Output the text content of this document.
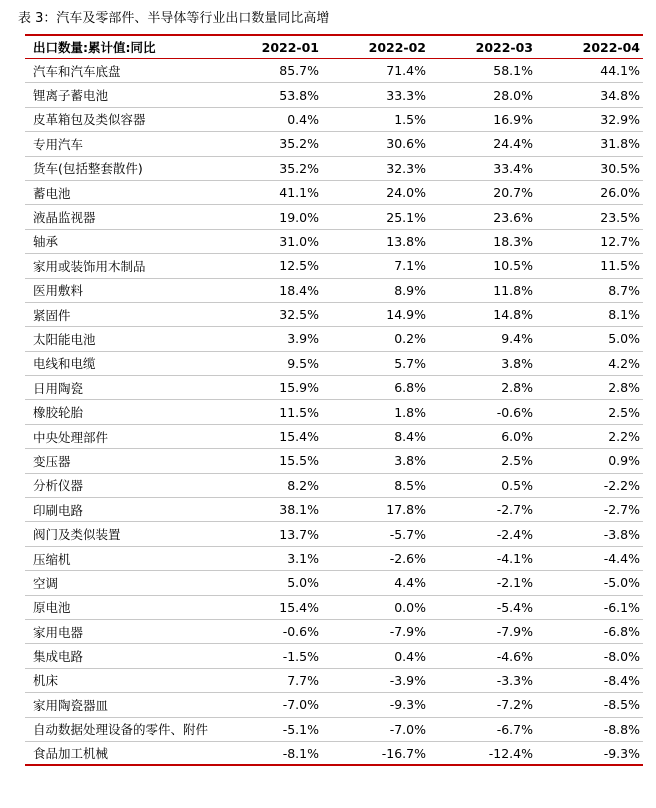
表 3：汽车及零部件、半导体等行业出口数量同比高增
出口数量:累计值:同比	2022-01	2022-02	2022-03	2022-04
汽车和汽车底盘	85.7%	71.4%	58.1%	44.1%
锂离子蓄电池	53.8%	33.3%	28.0%	34.8%
皮革箱包及类似容器	0.4%	1.5%	16.9%	32.9%
专用汽车	35.2%	30.6%	24.4%	31.8%
货车(包括整套散件)	35.2%	32.3%	33.4%	30.5%
蓄电池	41.1%	24.0%	20.7%	26.0%
液晶监视器	19.0%	25.1%	23.6%	23.5%
轴承	31.0%	13.8%	18.3%	12.7%
家用或装饰用木制品	12.5%	7.1%	10.5%	11.5%
医用敷料	18.4%	8.9%	11.8%	8.7%
紧固件	32.5%	14.9%	14.8%	8.1%
太阳能电池	3.9%	0.2%	9.4%	5.0%
电线和电缆	9.5%	5.7%	3.8%	4.2%
日用陶瓷	15.9%	6.8%	2.8%	2.8%
橡胶轮胎	11.5%	1.8%	-0.6%	2.5%
中央处理部件	15.4%	8.4%	6.0%	2.2%
变压器	15.5%	3.8%	2.5%	0.9%
分析仪器	8.2%	8.5%	0.5%	-2.2%
印刷电路	38.1%	17.8%	-2.7%	-2.7%
阀门及类似装置	13.7%	-5.7%	-2.4%	-3.8%
压缩机	3.1%	-2.6%	-4.1%	-4.4%
空调	5.0%	4.4%	-2.1%	-5.0%
原电池	15.4%	0.0%	-5.4%	-6.1%
家用电器	-0.6%	-7.9%	-7.9%	-6.8%
集成电路	-1.5%	0.4%	-4.6%	-8.0%
机床	7.7%	-3.9%	-3.3%	-8.4%
家用陶瓷器皿	-7.0%	-9.3%	-7.2%	-8.5%
自动数据处理设备的零件、附件	-5.1%	-7.0%	-6.7%	-8.8%
食品加工机械	-8.1%	-16.7%	-12.4%	-9.3%
